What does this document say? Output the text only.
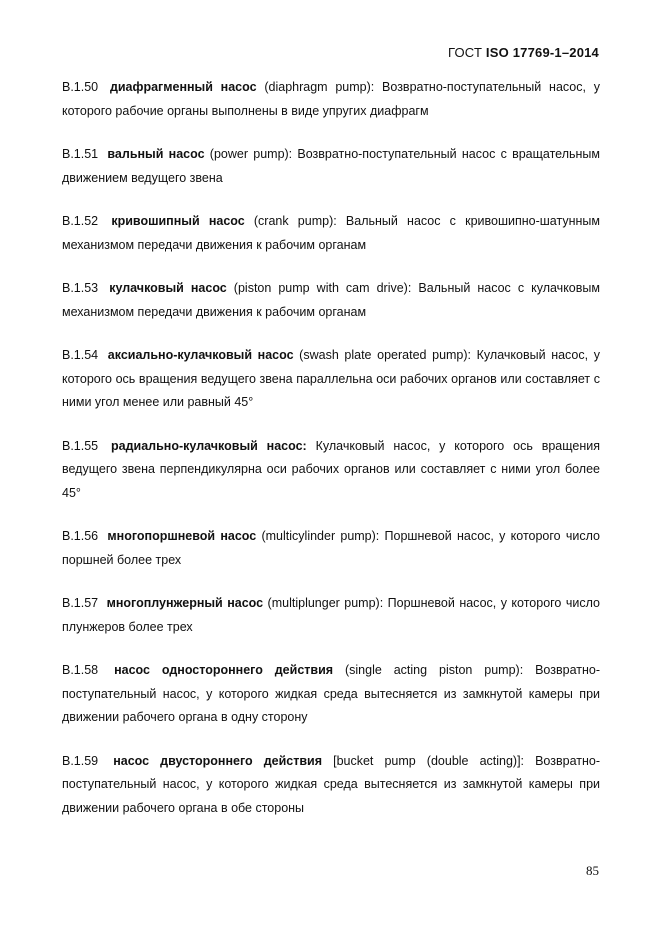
ГОСТ ISO 17769-1–2014

B.1.50 диафрагменный насос (diaphragm pump): Возвратно-поступательный насос, у которого рабочие органы выполнены в виде упругих диафрагм

B.1.51 вальный насос (power pump): Возвратно-поступательный насос с вращательным движением ведущего звена

B.1.52 кривошипный насос (crank pump): Вальный насос с кривошипно-шатунным механизмом передачи движения к рабочим органам

B.1.53 кулачковый насос (piston pump with cam drive): Вальный насос с кулачковым механизмом передачи движения к рабочим органам

B.1.54 аксиально-кулачковый насос (swash plate operated pump): Кулачковый насос, у которого ось вращения ведущего звена параллельна оси рабочих органов или составляет с ними угол менее или равный 45°

B.1.55 радиально-кулачковый насос: Кулачковый насос, у которого ось вращения ведущего звена перпендикулярна оси рабочих органов или составляет с ними угол более 45°

B.1.56 многопоршневой насос (multicylinder pump): Поршневой насос, у которого число поршней более трех

B.1.57 многоплунжерный насос (multiplunger pump): Поршневой насос, у которого число плунжеров более трех

B.1.58 насос одностороннего действия (single acting piston pump): Возвратно-поступательный насос, у которого жидкая среда вытесняется из замкнутой камеры при движении рабочего органа в одну сторону

B.1.59 насос двустороннего действия [bucket pump (double acting)]: Возвратно-поступательный насос, у которого жидкая среда вытесняется из замкнутой камеры при движении рабочего органа в обе стороны

85
